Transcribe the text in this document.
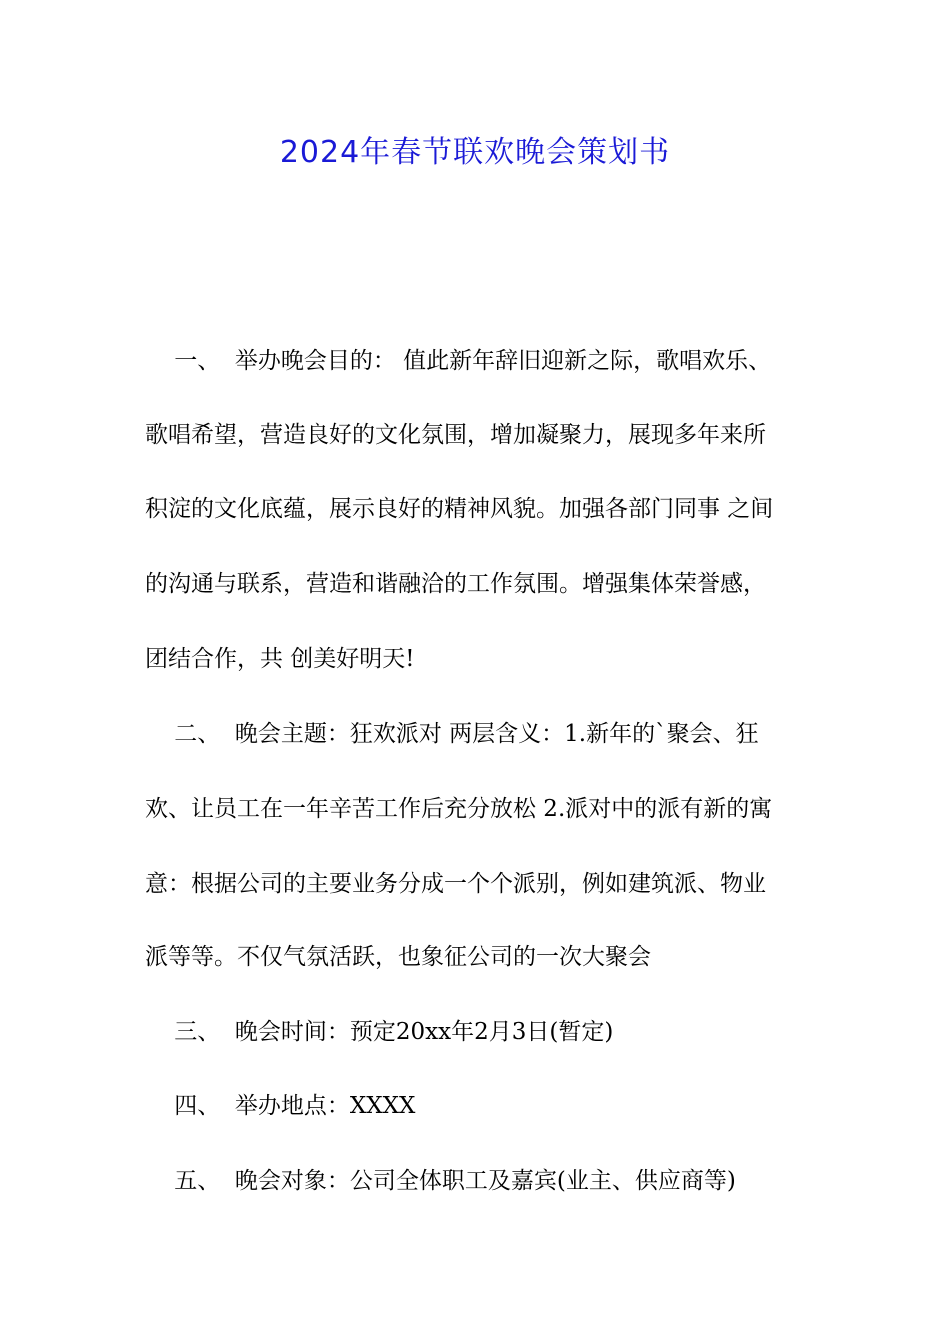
2024年春节联欢晚会策划书

一、  举办晚会目的： 值此新年辞旧迎新之际，歌唱欢乐、

歌唱希望，营造良好的文化氛围，增加凝聚力，展现多年来所

积淀的文化底蕴，展示良好的精神风貌。加强各部门同事 之间

的沟通与联系，营造和谐融洽的工作氛围。增强集体荣誉感，

团结合作，共 创美好明天!

二、  晚会主题：狂欢派对 两层含义：1.新年的`聚会、狂

欢、让员工在一年辛苦工作后充分放松 2.派对中的派有新的寓

意：根据公司的主要业务分成一个个派别，例如建筑派、物业

派等等。不仅气氛活跃，也象征公司的一次大聚会

三、  晚会时间：预定20xx年2月3日(暂定)

四、  举办地点：XXXX

五、  晚会对象：公司全体职工及嘉宾(业主、供应商等)
